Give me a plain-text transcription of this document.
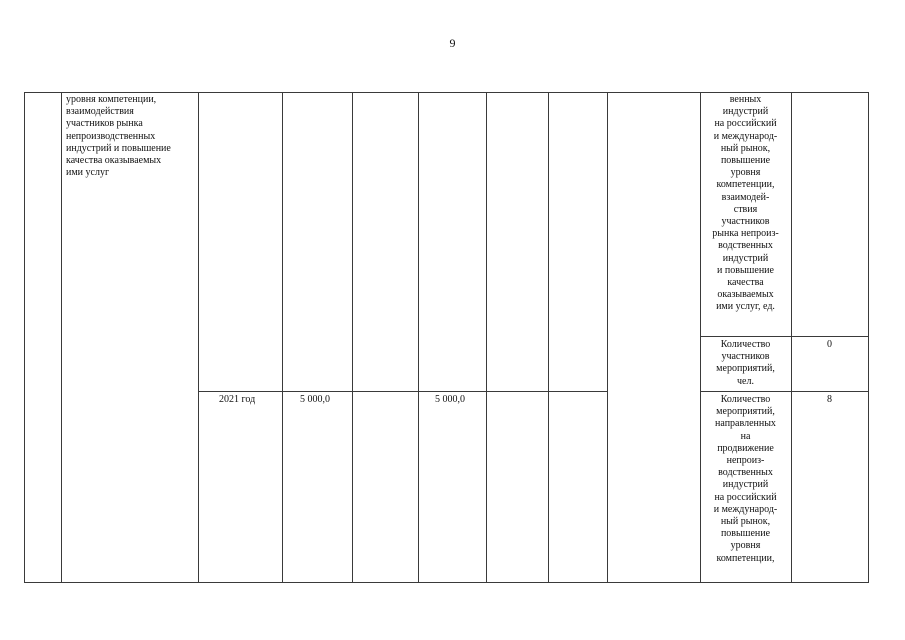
9
уровня компетенции,
взаимодействия
участников рынка
непроизводственных
индустрий и повышение
качества оказываемых
ими услуг
2021 год	5 000,0	5 000,0
венных
индустрий
на российский
и международ-
ный рынок,
повышение
уровня
компетенции,
взаимодей-
ствия
участников
рынка непроиз-
водственных
индустрий
и повышение
качества
оказываемых
ими услуг, ед.
Количество
участников
мероприятий,
чел.
0
Количество
мероприятий,
направленных
на
продвижение
непроиз-
водственных
индустрий
на российский
и международ-
ный рынок,
повышение
уровня
компетенции,
8
